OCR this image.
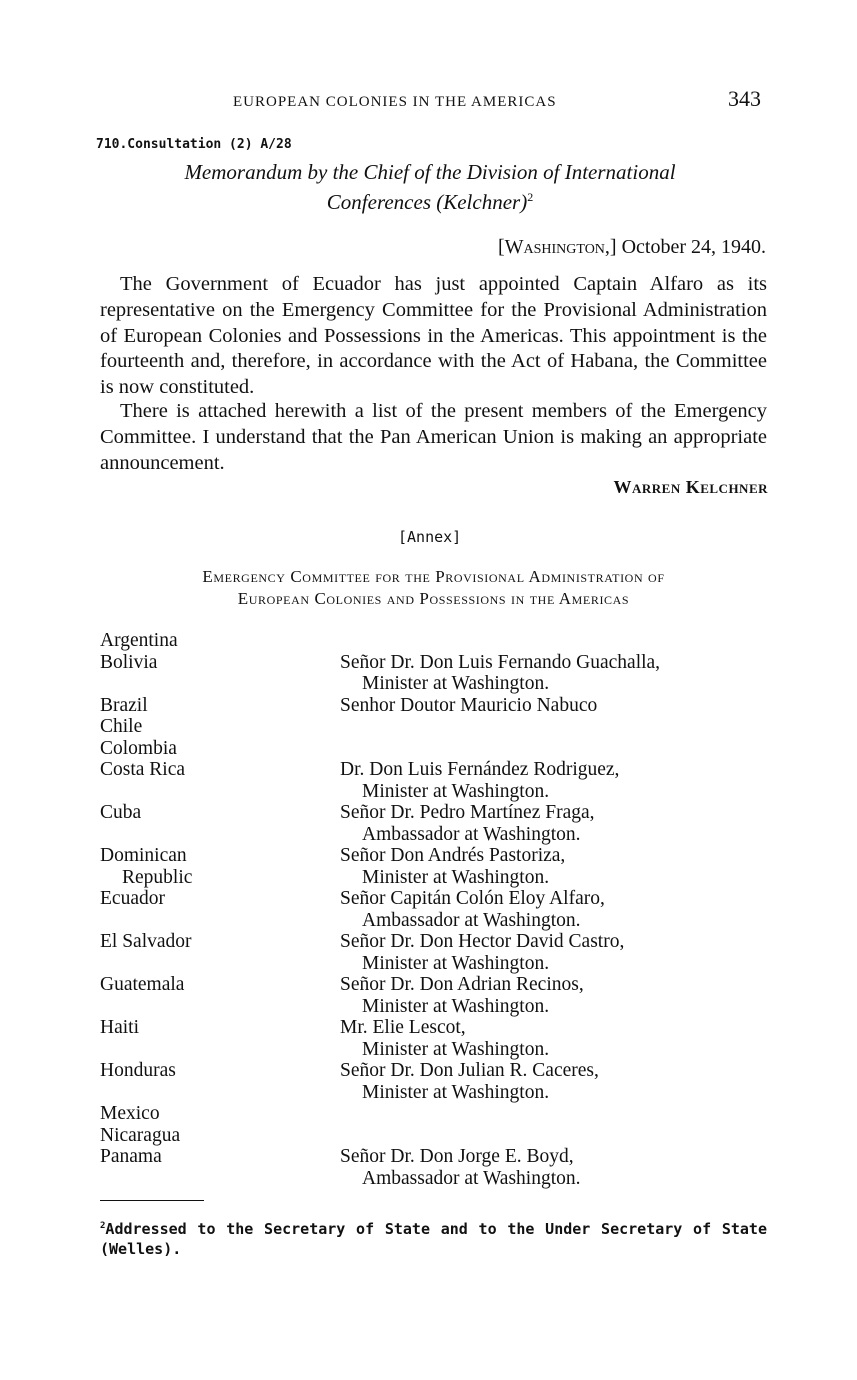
EUROPEAN COLONIES IN THE AMERICAS	343
710.Consultation (2) A/28
Memorandum by the Chief of the Division of International
Conferences (Kelchner)$^2$
[Washington,] October 24, 1940.

The Government of Ecuador has just appointed Captain Alfaro as its representative on the Emergency Committee for the Provisional Administration of European Colonies and Possessions in the Americas. This appointment is the fourteenth and, therefore, in accordance with the Act of Habana, the Committee is now constituted.

There is attached herewith a list of the present members of the Emergency Committee. I understand that the Pan American Union is making an appropriate announcement.

Warren Kelchner
[Annex]
Emergency Committee for the Provisional Administration of
European Colonies and Possessions in the Americas
Argentina
Bolivia	Señor Dr. Don Luis Fernando Guachalla,
Minister at Washington.
Brazil	Senhor Doutor Mauricio Nabuco
Chile
Colombia
Costa Rica	Dr. Don Luis Fernández Rodriguez,
Minister at Washington.
Cuba	Señor Dr. Pedro Martínez Fraga,
Ambassador at Washington.
Dominican	Señor Don Andrés Pastoriza,
Republic	Minister at Washington.
Ecuador	Señor Capitán Colón Eloy Alfaro,
Ambassador at Washington.
El Salvador	Señor Dr. Don Hector David Castro,
Minister at Washington.
Guatemala	Señor Dr. Don Adrian Recinos,
Minister at Washington.
Haiti	Mr. Elie Lescot,
Minister at Washington.
Honduras	Señor Dr. Don Julian R. Caceres,
Minister at Washington.
Mexico
Nicaragua
Panama	Señor Dr. Don Jorge E. Boyd,
Ambassador at Washington.
$^2$Addressed to the Secretary of State and to the Under Secretary of State (Welles).
